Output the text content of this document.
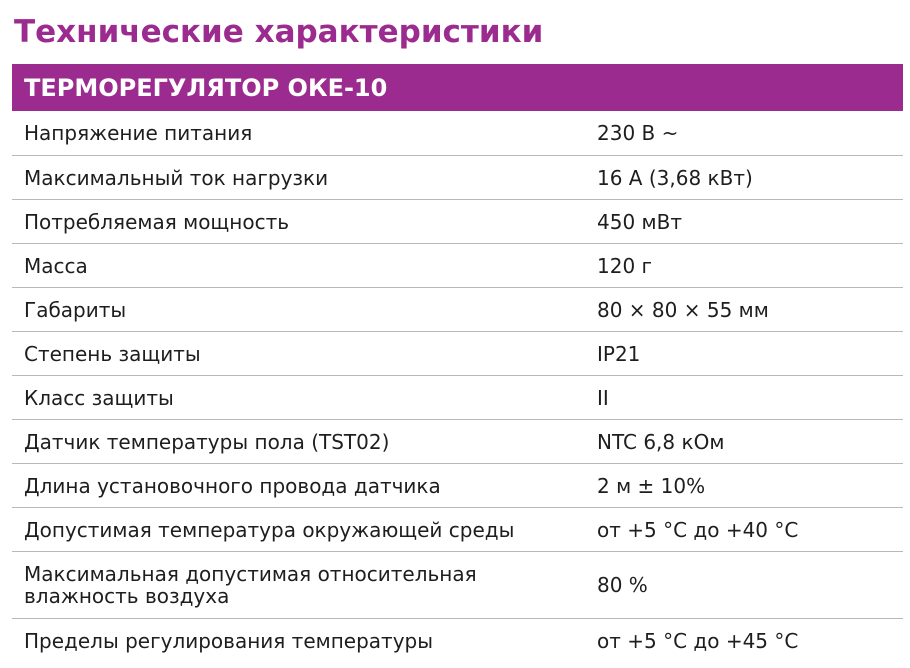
Технические характеристики
ТЕРМОРЕГУЛЯТОР ОКЕ-10
Напряжение питания	230 В ~
Максимальный ток нагрузки	16 А (3,68 кВт)
Потребляемая мощность	450 мВт
Масса	120 г
Габариты	80 × 80 × 55 мм
Степень защиты	IP21
Класс защиты	II
Датчик температуры пола (TST02)	NTC 6,8 кОм
Длина установочного провода датчика	2 м ± 10%
Допустимая температура окружающей среды	от +5 °С до +40 °С
Максимальная допустимая относительная
влажность воздуха	80 %
Пределы регулирования температуры	от +5 °С до +45 °С
